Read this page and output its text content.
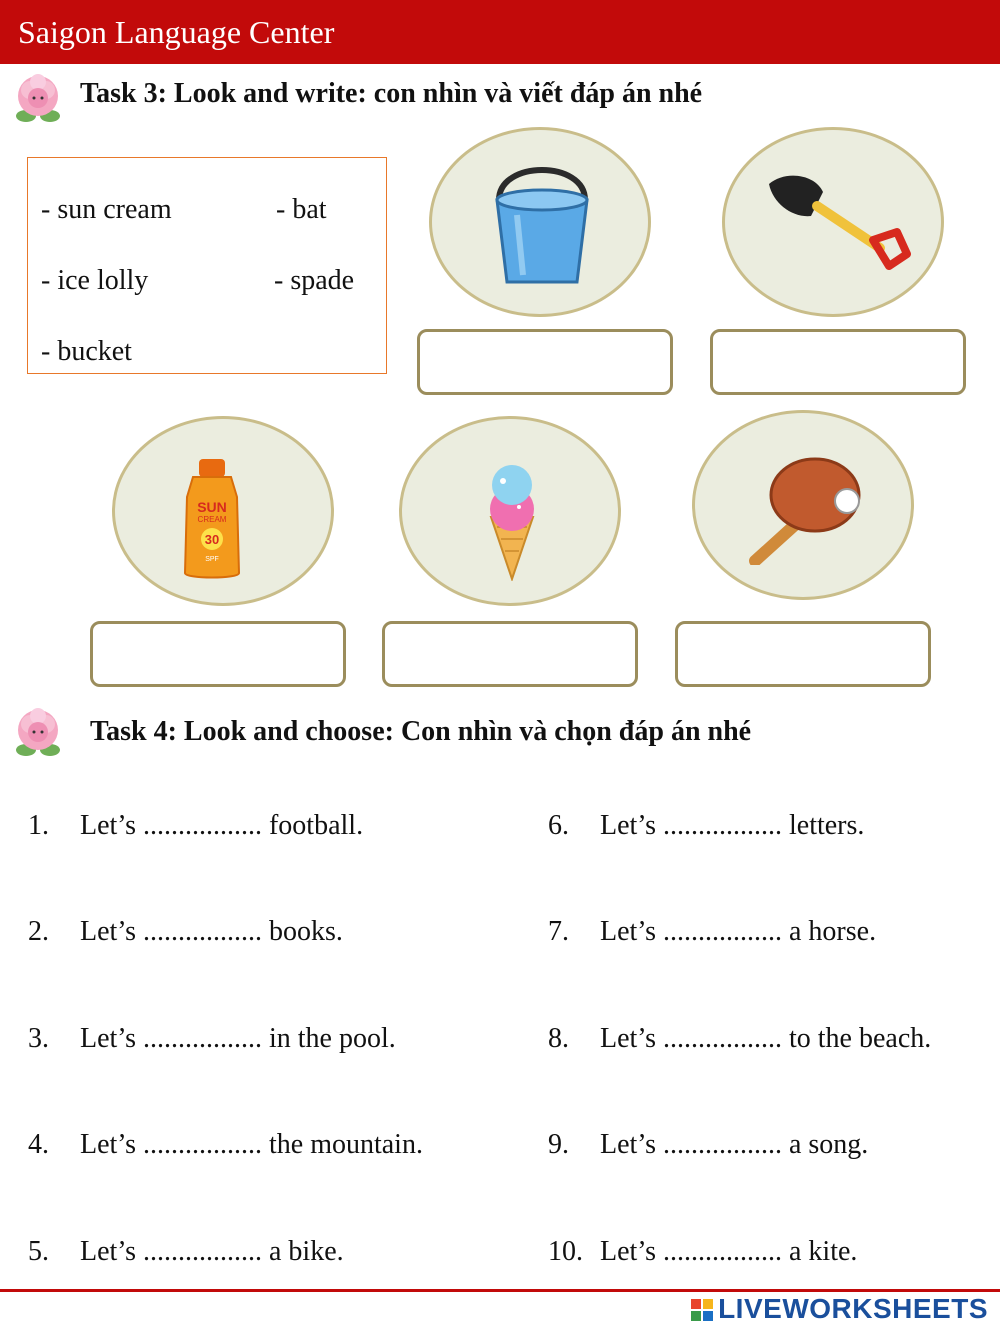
Saigon Language Center
Task 3: Look and write: con nhìn và viết đáp án nhé
- sun cream	- bat
- ice lolly	- spade
- bucket
SUN
CREAM
30
SPF
Task 4: Look and choose: Con nhìn và chọn đáp án nhé
1. Let’s ................. football.
2. Let’s ................. books.
3. Let’s ................. in the pool.
4. Let’s ................. the mountain.
5. Let’s ................. a bike.
6. Let’s ................. letters.
7. Let’s ................. a horse.
8. Let’s ................. to the beach.
9. Let’s ................. a song.
10. Let’s ................. a kite.
LIVEWORKSHEETS
